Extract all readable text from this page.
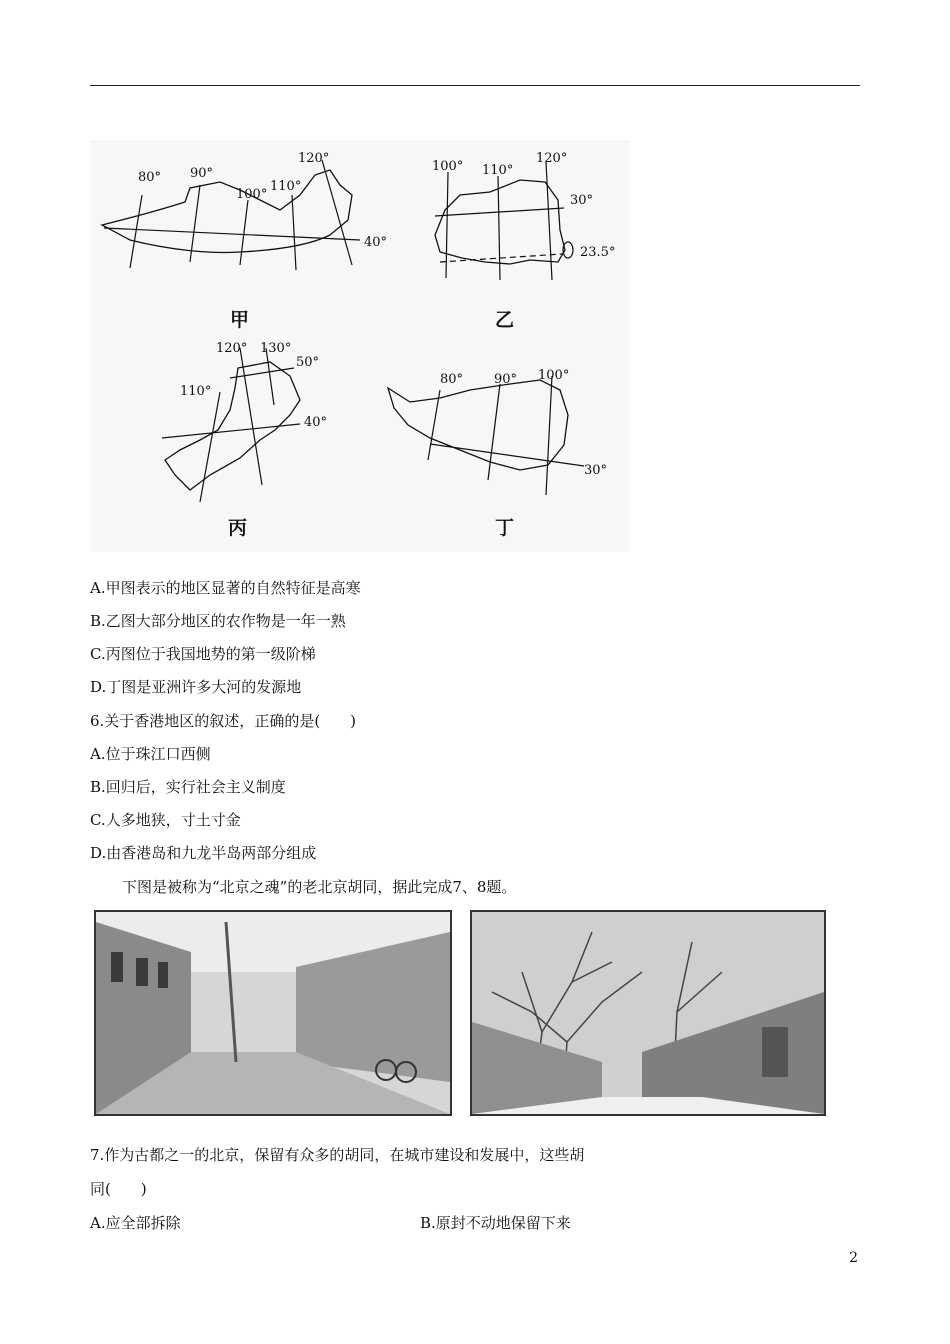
80° 90°
100°
110°
120°
40°
甲
100° 110°
120°
30°
23.5°
乙
110°
120° 130°
50°
40°
丙
80° 90° 100°
30°
丁
A.甲图表示的地区显著的自然特征是高寒
B.乙图大部分地区的农作物是一年一熟
C.丙图位于我国地势的第一级阶梯
D.丁图是亚洲许多大河的发源地
6.关于香港地区的叙述，正确的是(　　)
A.位于珠江口西侧
B.回归后，实行社会主义制度
C.人多地狭，寸土寸金
D.由香港岛和九龙半岛两部分组成
下图是被称为“北京之魂”的老北京胡同，据此完成7、8题。
7.作为古都之一的北京，保留有众多的胡同，在城市建设和发展中，这些胡
同(　　)
A.应全部拆除	B.原封不动地保留下来
2
